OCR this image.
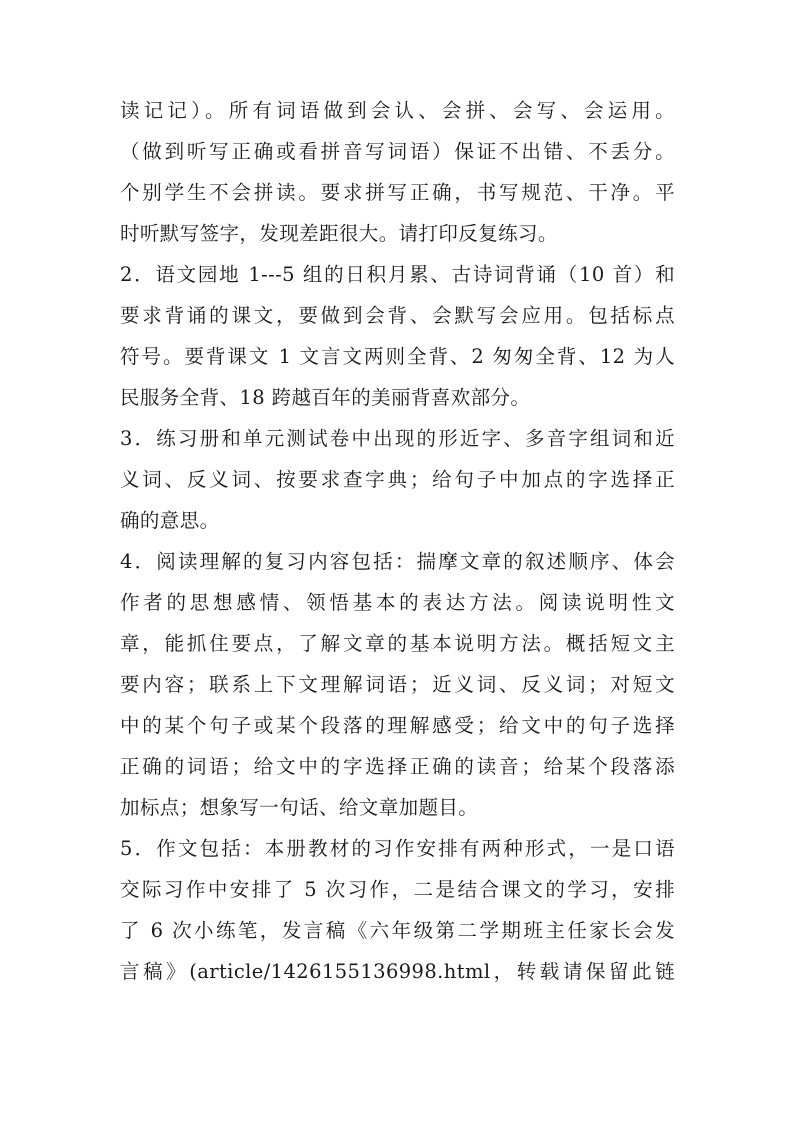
读记记）。所有词语做到会认、会拼、会写、会运用。
（做到听写正确或看拼音写词语）保证不出错、不丢分。
个别学生不会拼读。要求拼写正确，书写规范、干净。平
时听默写签字，发现差距很大。请打印反复练习。
2．语文园地 1---5 组的日积月累、古诗词背诵（10 首）和
要求背诵的课文，要做到会背、会默写会应用。包括标点
符号。要背课文 1 文言文两则全背、2 匆匆全背、12 为人
民服务全背、18 跨越百年的美丽背喜欢部分。
3．练习册和单元测试卷中出现的形近字、多音字组词和近
义词、反义词、按要求查字典；给句子中加点的字选择正
确的意思。
4．阅读理解的复习内容包括：揣摩文章的叙述顺序、体会
作者的思想感情、领悟基本的表达方法。阅读说明性文
章，能抓住要点，了解文章的基本说明方法。概括短文主
要内容；联系上下文理解词语；近义词、反义词；对短文
中的某个句子或某个段落的理解感受；给文中的句子选择
正确的词语；给文中的字选择正确的读音；给某个段落添
加标点；想象写一句话、给文章加题目。
5．作文包括：本册教材的习作安排有两种形式，一是口语
交际习作中安排了 5 次习作，二是结合课文的学习，安排
了 6 次小练笔，发言稿《六年级第二学期班主任家长会发
言稿》(article/1426155136998.html，转载请保留此链
